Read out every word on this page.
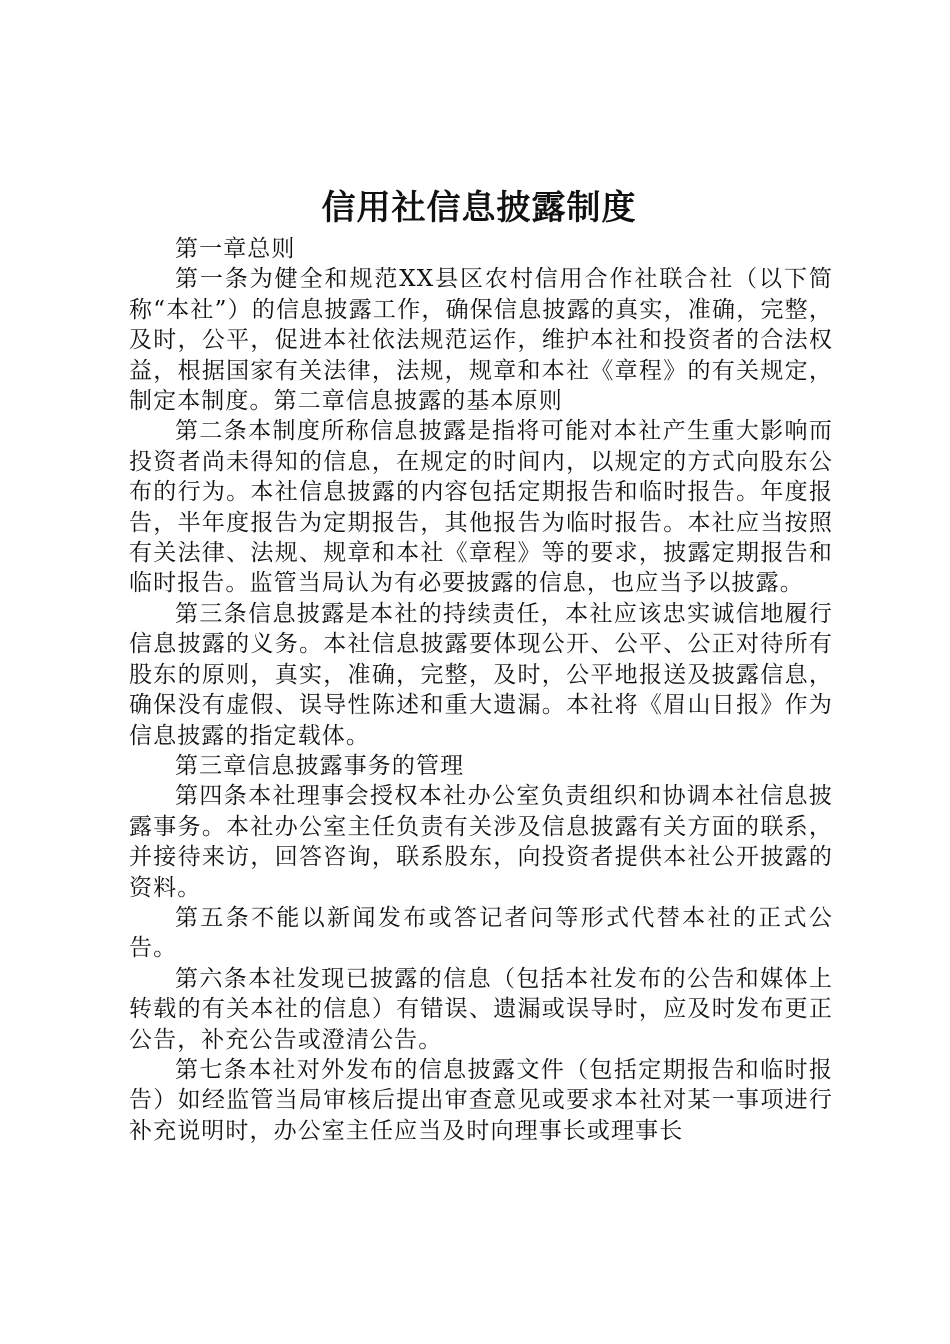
信用社信息披露制度

第一章总则

第一条为健全和规范XX县区农村信用合作社联合社（以下简称“本社”）的信息披露工作，确保信息披露的真实，准确，完整，及时，公平，促进本社依法规范运作，维护本社和投资者的合法权益，根据国家有关法律，法规，规章和本社《章程》的有关规定，制定本制度。第二章信息披露的基本原则

第二条本制度所称信息披露是指将可能对本社产生重大影响而投资者尚未得知的信息，在规定的时间内，以规定的方式向股东公布的行为。本社信息披露的内容包括定期报告和临时报告。年度报告，半年度报告为定期报告，其他报告为临时报告。本社应当按照有关法律、法规、规章和本社《章程》等的要求，披露定期报告和临时报告。监管当局认为有必要披露的信息，也应当予以披露。

第三条信息披露是本社的持续责任，本社应该忠实诚信地履行信息披露的义务。本社信息披露要体现公开、公平、公正对待所有股东的原则，真实，准确，完整，及时，公平地报送及披露信息，确保没有虚假、误导性陈述和重大遗漏。本社将《眉山日报》作为信息披露的指定载体。

第三章信息披露事务的管理

第四条本社理事会授权本社办公室负责组织和协调本社信息披露事务。本社办公室主任负责有关涉及信息披露有关方面的联系，并接待来访，回答咨询，联系股东，向投资者提供本社公开披露的资料。

第五条不能以新闻发布或答记者问等形式代替本社的正式公告。

第六条本社发现已披露的信息（包括本社发布的公告和媒体上转载的有关本社的信息）有错误、遗漏或误导时，应及时发布更正公告，补充公告或澄清公告。

第七条本社对外发布的信息披露文件（包括定期报告和临时报告）如经监管当局审核后提出审查意见或要求本社对某一事项进行补充说明时，办公室主任应当及时向理事长或理事长
